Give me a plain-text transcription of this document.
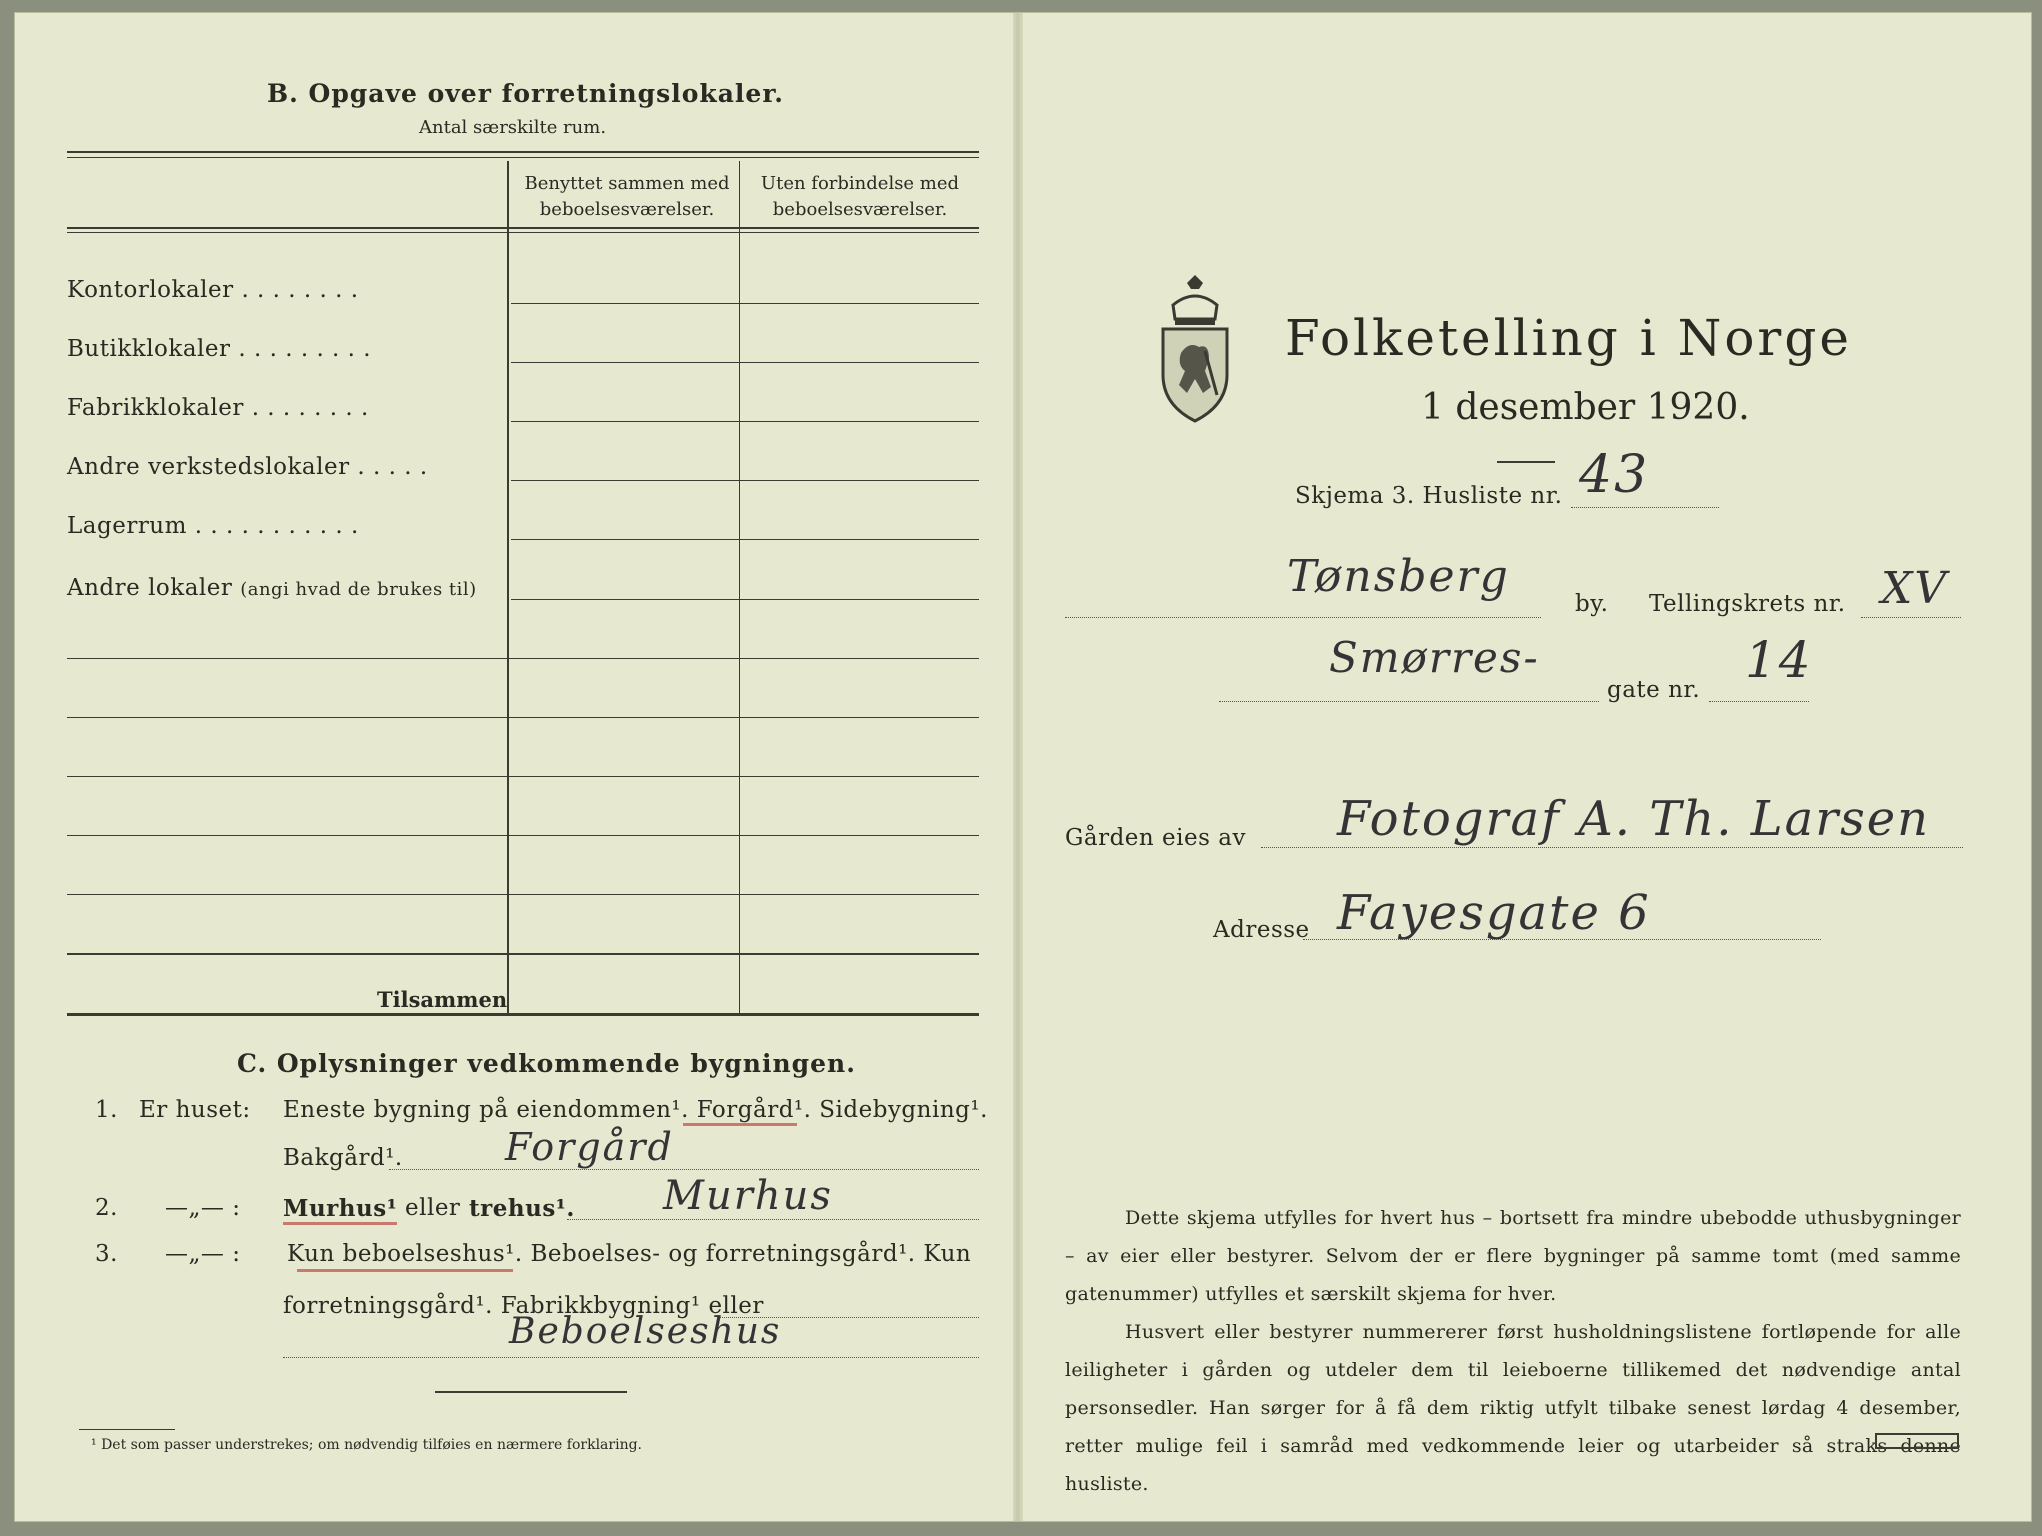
B. Opgave over forretningslokaler.
Antal særskilte rum.
Benyttet sammen med
beboelsesværelser.
Uten forbindelse med
beboelsesværelser.
Kontorlokaler . . . . . . . .
Butikklokaler . . . . . . . . .
Fabrikklokaler . . . . . . . .
Andre verkstedslokaler . . . . .
Lagerrum . . . . . . . . . . .
Andre lokaler (angi hvad de brukes til)
Tilsammen
C. Oplysninger vedkommende bygningen.
1. Er huset: Eneste bygning på eiendommen¹. Forgård¹. Sidebygning¹.
Bakgård¹.	Forgård
2. —„— : Murhus¹ eller trehus¹. Murhus
3. —„— : Kun beboelseshus¹. Beboelses- og forretningsgård¹. Kun
forretningsgård¹. Fabrikkbygning¹ eller
Beboelseshus
¹ Det som passer understrekes; om nødvendig tilføies en nærmere forklaring.
Folketelling i Norge
1 desember 1920.
Skjema 3. Husliste nr. 43
Tønsberg
by. Tellingskrets nr. XV
Smørres-
gate nr.
14
Gården eies av Fotograf A. Th. Larsen
Adresse Fayesgate 6
Dette skjema utfylles for hvert hus – bortsett fra mindre ubebodde uthusbygninger – av eier eller bestyrer. Selvom der er flere bygninger på samme tomt (med samme gatenummer) utfylles et særskilt skjema for hver.
Husvert eller bestyrer nummererer først husholdningslistene fortløpende for alle leiligheter i gården og utdeler dem til leieboerne tillikemed det nødvendige antal personsedler. Han sørger for å få dem riktig utfylt tilbake senest lørdag 4 desember, retter mulige feil i samråd med vedkommende leier og utarbeider så straks denne husliste.
